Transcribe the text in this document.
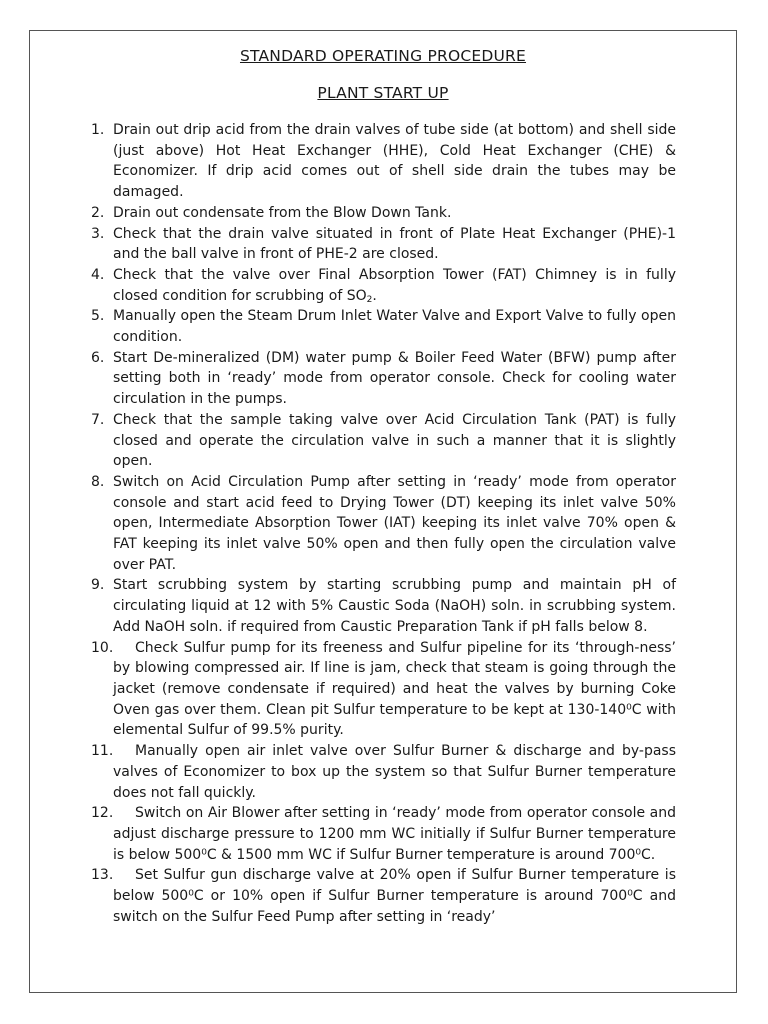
STANDARD OPERATING PROCEDURE
PLANT START UP
1. Drain out drip acid from the drain valves of tube side (at bottom) and shell side (just above) Hot Heat Exchanger (HHE), Cold Heat Exchanger (CHE) & Economizer. If drip acid comes out of shell side drain the tubes may be damaged.
2. Drain out condensate from the Blow Down Tank.
3. Check that the drain valve situated in front of Plate Heat Exchanger (PHE)-1 and the ball valve in front of PHE-2 are closed.
4. Check that the valve over Final Absorption Tower (FAT) Chimney is in fully closed condition for scrubbing of $SO_2$.
5. Manually open the Steam Drum Inlet Water Valve and Export Valve to fully open condition.
6. Start De-mineralized (DM) water pump & Boiler Feed Water (BFW) pump after setting both in ‘ready’ mode from operator console. Check for cooling water circulation in the pumps.
7. Check that the sample taking valve over Acid Circulation Tank (PAT) is fully closed and operate the circulation valve in such a manner that it is slightly open.
8. Switch on Acid Circulation Pump after setting in ‘ready’ mode from operator console and start acid feed to Drying Tower (DT) keeping its inlet valve 50% open, Intermediate Absorption Tower (IAT) keeping its inlet valve 70% open & FAT keeping its inlet valve 50% open and then fully open the circulation valve over PAT.
9. Start scrubbing system by starting scrubbing pump and maintain pH of circulating liquid at 12 with 5% Caustic Soda (NaOH) soln. in scrubbing system. Add NaOH soln. if required from Caustic Preparation Tank if pH falls below 8.
10. Check Sulfur pump for its freeness and Sulfur pipeline for its ‘through-ness’ by blowing compressed air. If line is jam, check that steam is going through the jacket (remove condensate if required) and heat the valves by burning Coke Oven gas over them. Clean pit Sulfur temperature to be kept at 130-140⁰C with elemental Sulfur of 99.5% purity.
11. Manually open air inlet valve over Sulfur Burner & discharge and by-pass valves of Economizer to box up the system so that Sulfur Burner temperature does not fall quickly.
12. Switch on Air Blower after setting in ‘ready’ mode from operator console and adjust discharge pressure to 1200 mm WC initially if Sulfur Burner temperature is below 500⁰C & 1500 mm WC if Sulfur Burner temperature is around 700⁰C.
13. Set Sulfur gun discharge valve at 20% open if Sulfur Burner temperature is below 500⁰C or 10% open if Sulfur Burner temperature is around 700⁰C and switch on the Sulfur Feed Pump after setting in ‘ready’
